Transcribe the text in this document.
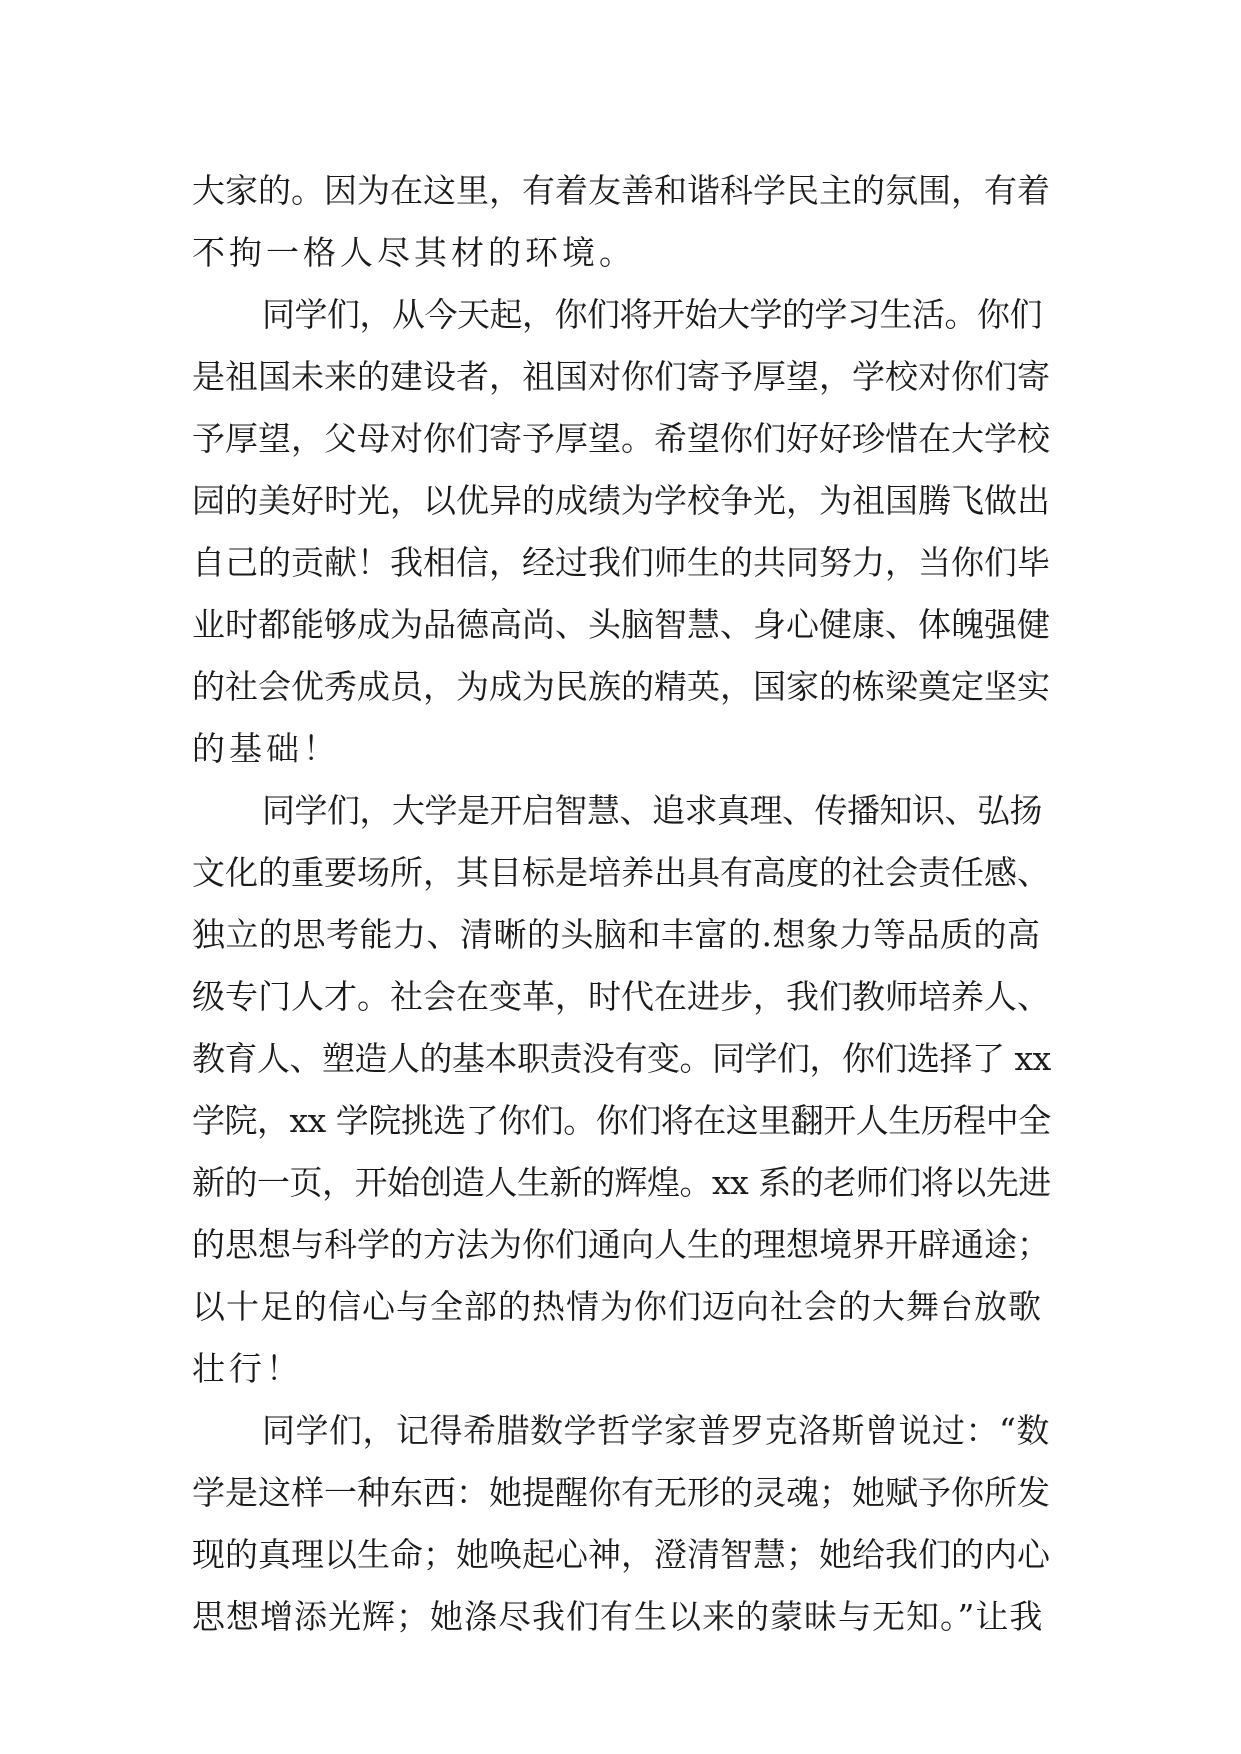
大家的。因为在这里，有着友善和谐科学民主的氛围，有着
不拘一格人尽其材的环境。
同学们，从今天起，你们将开始大学的学习生活。你们
是祖国未来的建设者，祖国对你们寄予厚望，学校对你们寄
予厚望，父母对你们寄予厚望。希望你们好好珍惜在大学校
园的美好时光，以优异的成绩为学校争光，为祖国腾飞做出
自己的贡献！我相信，经过我们师生的共同努力，当你们毕
业时都能够成为品德高尚、头脑智慧、身心健康、体魄强健
的社会优秀成员，为成为民族的精英，国家的栋梁奠定坚实
的基础！
同学们，大学是开启智慧、追求真理、传播知识、弘扬
文化的重要场所，其目标是培养出具有高度的社会责任感、
独立的思考能力、清晰的头脑和丰富的.想象力等品质的高
级专门人才。社会在变革，时代在进步，我们教师培养人、
教育人、塑造人的基本职责没有变。同学们，你们选择了 xx
学院，xx 学院挑选了你们。你们将在这里翻开人生历程中全
新的一页，开始创造人生新的辉煌。xx 系的老师们将以先进
的思想与科学的方法为你们通向人生的理想境界开辟通途；
以十足的信心与全部的热情为你们迈向社会的大舞台放歌
壮行！
同学们，记得希腊数学哲学家普罗克洛斯曾说过：“数
学是这样一种东西：她提醒你有无形的灵魂；她赋予你所发
现的真理以生命；她唤起心神，澄清智慧；她给我们的内心
思想增添光辉；她涤尽我们有生以来的蒙昧与无知。”让我
